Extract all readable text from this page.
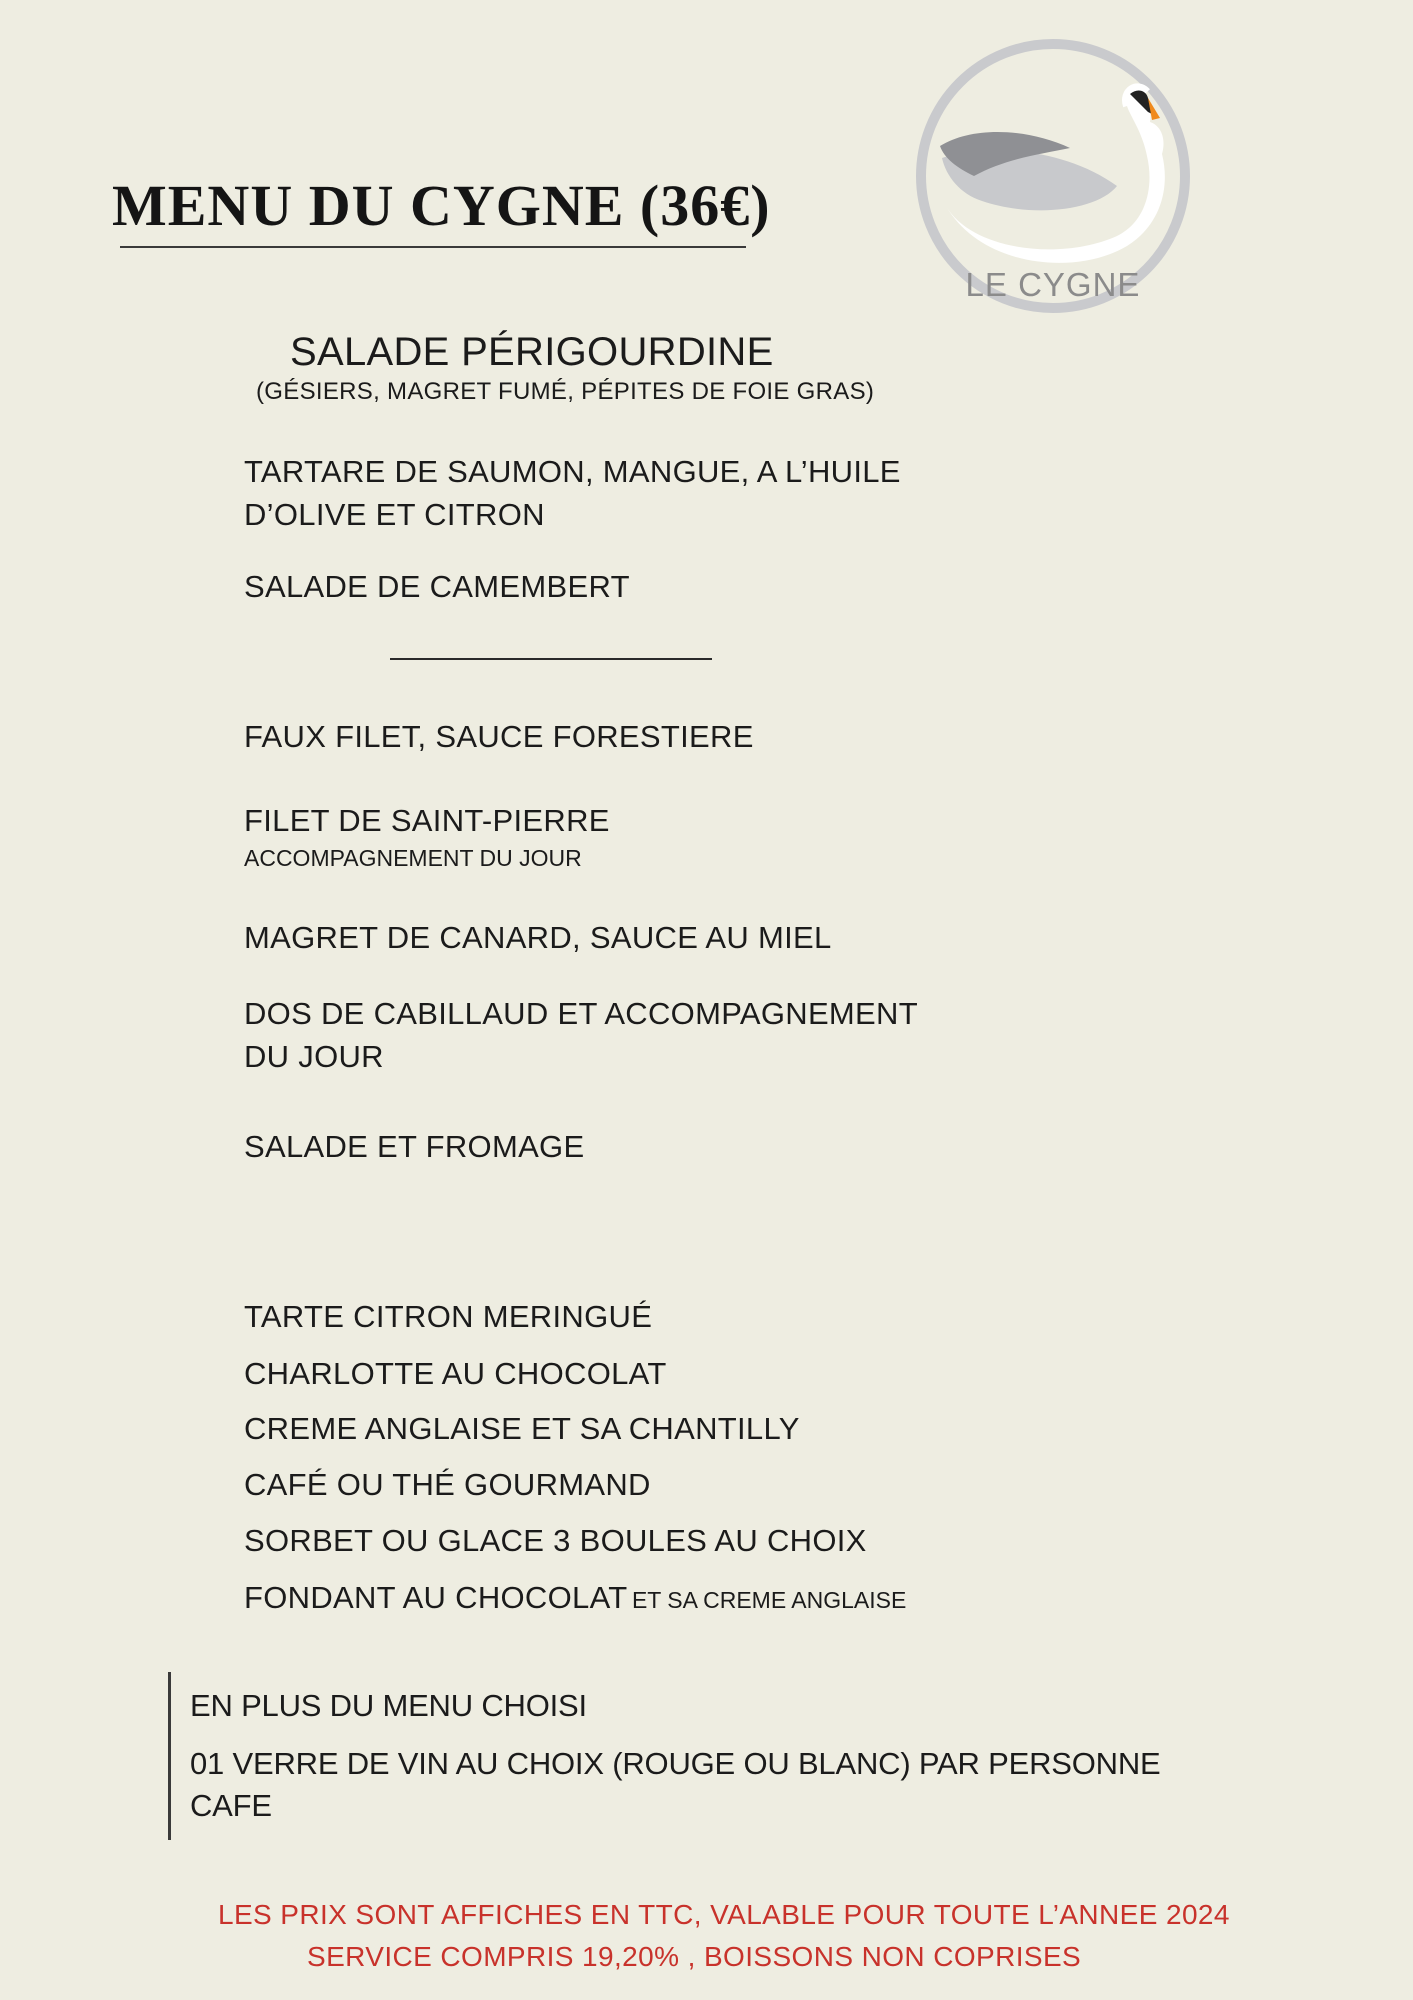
MENU DU CYGNE (36€)
LE CYGNE
SALADE PÉRIGOURDINE
(GÉSIERS, MAGRET FUMÉ, PÉPITES DE FOIE GRAS)
TARTARE DE SAUMON, MANGUE, A L’HUILE
D’OLIVE ET CITRON
SALADE DE CAMEMBERT
FAUX FILET, SAUCE FORESTIERE
FILET DE SAINT-PIERRE
ACCOMPAGNEMENT DU JOUR
MAGRET DE CANARD, SAUCE AU MIEL
DOS DE CABILLAUD ET ACCOMPAGNEMENT
DU JOUR
SALADE ET FROMAGE
TARTE CITRON MERINGUÉ
CHARLOTTE AU CHOCOLAT
CREME ANGLAISE ET SA CHANTILLY
CAFÉ OU THÉ GOURMAND
SORBET OU GLACE 3 BOULES AU CHOIX
FONDANT AU CHOCOLAT ET SA CREME ANGLAISE
EN PLUS DU MENU CHOISI
01 VERRE DE VIN AU CHOIX (ROUGE OU BLANC) PAR PERSONNE
CAFE
LES PRIX SONT AFFICHES EN TTC, VALABLE POUR TOUTE L’ANNEE 2024
SERVICE COMPRIS 19,20% , BOISSONS NON COPRISES
